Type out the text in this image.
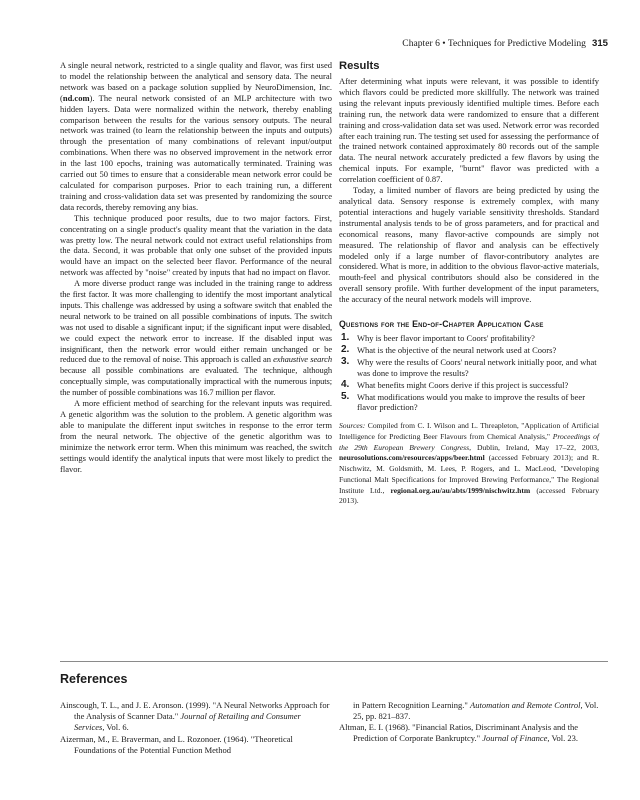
Chapter 6 • Techniques for Predictive Modeling 315

A single neural network, restricted to a single quality and flavor, was first used to model the relationship between the analytical and sensory data. The neural network was based on a package solution supplied by NeuroDimension, Inc. (nd.com). The neural network consisted of an MLP architecture with two hidden layers. Data were normalized within the network, thereby enabling comparison between the results for the various sensory outputs. The neural network was trained (to learn the relationship between the inputs and outputs) through the presentation of many combinations of relevant input/output combinations. When there was no observed improvement in the network error in the last 100 epochs, training was automatically terminated. Training was carried out 50 times to ensure that a considerable mean network error could be calculated for comparison purposes. Prior to each training run, a different training and cross-validation data set was presented by randomizing the source data records, thereby removing any bias.

This technique produced poor results, due to two major factors. First, concentrating on a single product's quality meant that the variation in the data was pretty low. The neural network could not extract useful relationships from the data. Second, it was probable that only one subset of the provided inputs would have an impact on the selected beer flavor. Performance of the neural network was affected by "noise" created by inputs that had no impact on flavor.

A more diverse product range was included in the training range to address the first factor. It was more challenging to identify the most important analytical inputs. This challenge was addressed by using a software switch that enabled the neural network to be trained on all possible combinations of inputs. The switch was not used to disable a significant input; if the significant input were disabled, we could expect the network error to increase. If the disabled input was insignificant, then the network error would either remain unchanged or be reduced due to the removal of noise. This approach is called an exhaustive search because all possible combinations are evaluated. The technique, although conceptually simple, was computationally impractical with the numerous inputs; the number of possible combinations was 16.7 million per flavor.

A more efficient method of searching for the relevant inputs was required. A genetic algorithm was the solution to the problem. A genetic algorithm was able to manipulate the different input switches in response to the error term from the neural network. The objective of the genetic algorithm was to minimize the network error term. When this minimum was reached, the switch settings would identify the analytical inputs that were most likely to predict the flavor.

Results

After determining what inputs were relevant, it was possible to identify which flavors could be predicted more skillfully. The network was trained using the relevant inputs previously identified multiple times. Before each training run, the network data were randomized to ensure that a different training and cross-validation data set was used. Network error was recorded after each training run. The testing set used for assessing the performance of the trained network contained approximately 80 records out of the sample data. The neural network accurately predicted a few flavors by using the chemical inputs. For example, "burnt" flavor was predicted with a correlation coefficient of 0.87.

Today, a limited number of flavors are being predicted by using the analytical data. Sensory response is extremely complex, with many potential interactions and hugely variable sensitivity thresholds. Standard instrumental analysis tends to be of gross parameters, and for practical and economical reasons, many flavor-active compounds are simply not measured. The relationship of flavor and analysis can be effectively modeled only if a large number of flavor-contributory analytes are considered. What is more, in addition to the obvious flavor-active materials, mouth-feel and physical contributors should also be considered in the overall sensory profile. With further development of the input parameters, the accuracy of the neural network models will improve.

Questions for the End-of-Chapter Application Case
1. Why is beer flavor important to Coors' profitability?
2. What is the objective of the neural network used at Coors?
3. Why were the results of Coors' neural network initially poor, and what was done to improve the results?
4. What benefits might Coors derive if this project is successful?
5. What modifications would you make to improve the results of beer flavor prediction?

Sources: Compiled from C. I. Wilson and L. Threapleton, "Application of Artificial Intelligence for Predicting Beer Flavours from Chemical Analysis," Proceedings of the 29th European Brewery Congress, Dublin, Ireland, May 17–22, 2003, neurosolutions.com/resources/apps/beer.html (accessed February 2013); and R. Nischwitz, M. Goldsmith, M. Lees, P. Rogers, and L. MacLeod, "Developing Functional Malt Specifications for Improved Brewing Performance," The Regional Institute Ltd., regional.org.au/au/abts/1999/nischwitz.htm (accessed February 2013).

References

Ainscough, T. L., and J. E. Aronson. (1999). "A Neural Networks Approach for the Analysis of Scanner Data." Journal of Retailing and Consumer Services, Vol. 6.

Aizerman, M., E. Braverman, and L. Rozonoer. (1964). "Theoretical Foundations of the Potential Function Method

in Pattern Recognition Learning." Automation and Remote Control, Vol. 25, pp. 821–837.

Altman, E. I. (1968). "Financial Ratios, Discriminant Analysis and the Prediction of Corporate Bankruptcy." Journal of Finance, Vol. 23.
